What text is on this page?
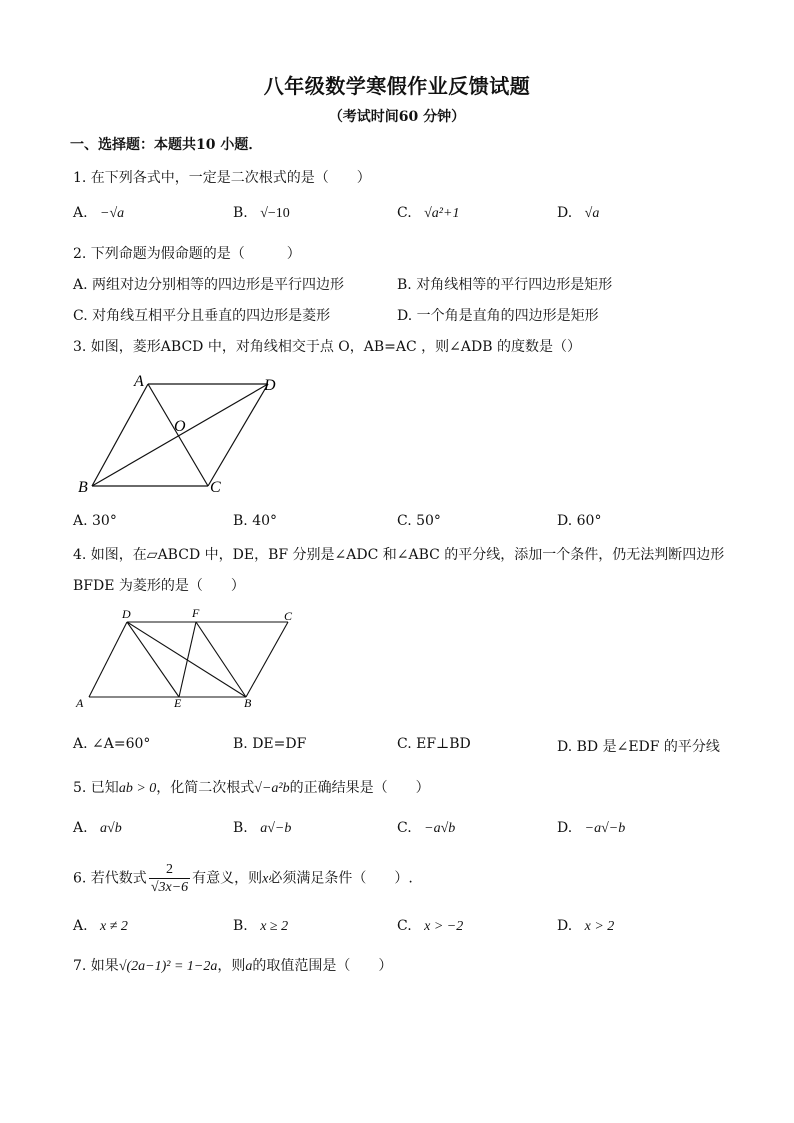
八年级数学寒假作业反馈试题
（考试时间60 分钟）
一、选择题：本题共10 小题．
1. 在下列各式中，一定是二次根式的是（　　）
A. −√a	B. √−10	C. √a²+1	D. √a
2. 下列命题为假命题的是（　　　）
A. 两组对边分别相等的四边形是平行四边形	B. 对角线相等的平行四边形是矩形
C. 对角线互相平分且垂直的四边形是菱形	D. 一个角是直角的四边形是矩形
3. 如图，菱形ABCD 中，对角线相交于点 O，AB=AC ，则∠ADB 的度数是（）
A	D
B	C
O
A. 30°	B. 40°	C. 50°	D. 60°
4. 如图，在▱ABCD 中，DE，BF 分别是∠ADC 和∠ABC 的平分线，添加一个条件，仍无法判断四边形
BFDE 为菱形的是（　　）
D	F	C
A	E	B
A. ∠A=60°	B. DE=DF	C. EF⊥BD	D. BD 是∠EDF 的平分线
5. 已知ab > 0，化简二次根式√−a²b的正确结果是（　　）
A. a√b	B. a√−b	C. −a√b	D. −a√−b
6. 若代数式 $\frac{2}{√3x-6}$ 有意义，则x必须满足条件（　　）.
A. x ≠ 2	B. x ≥ 2	C. x > −2	D. x > 2
7. 如果√(2a−1)² = 1−2a，则a的取值范围是（　　）
